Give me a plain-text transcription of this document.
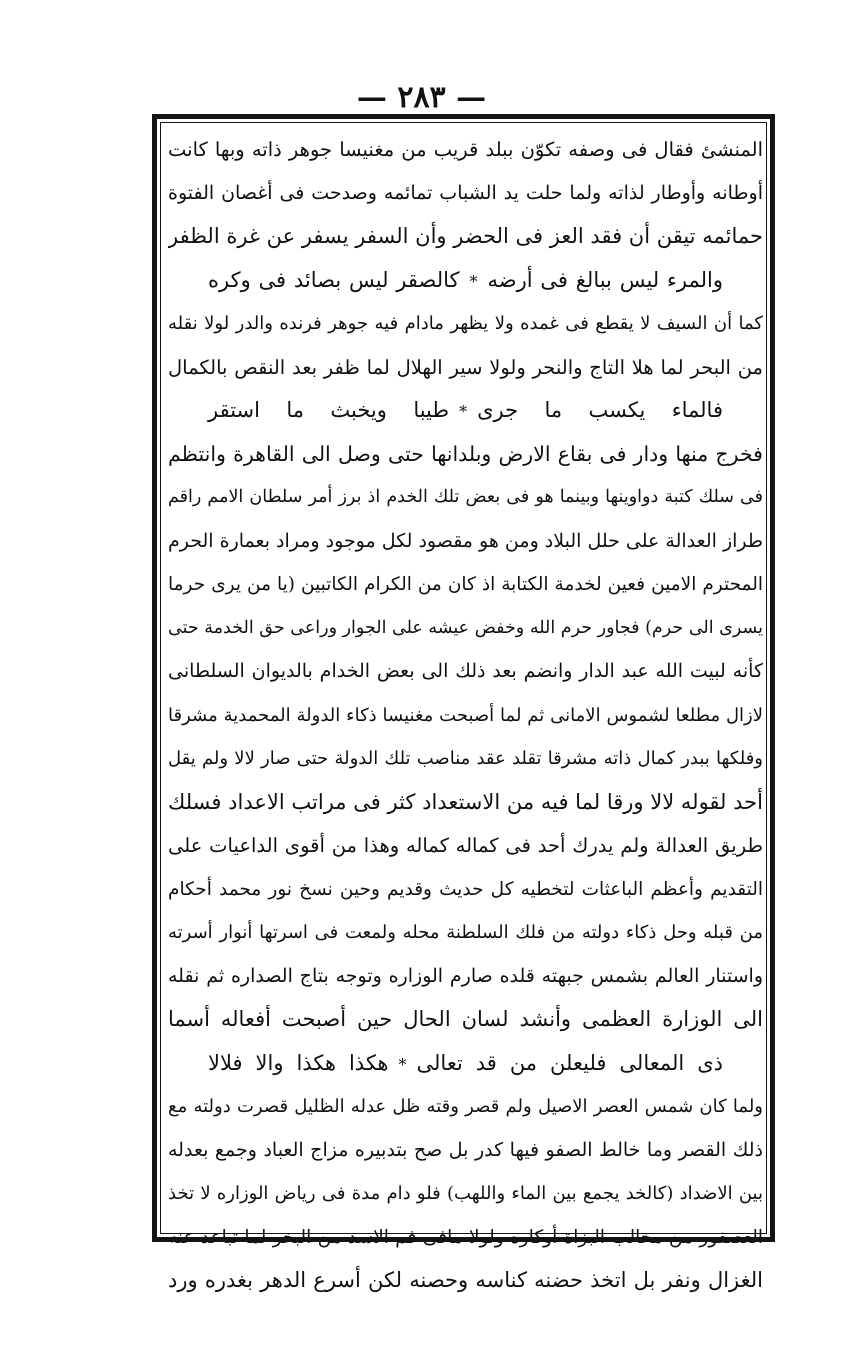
— ٢٨٣ —
المنشئ فقال فى وصفه تكوّن ببلد قريب من مغنيسا جوهر ذاته وبها كانت
أوطانه وأوطار لذاته ولما حلت يد الشباب تمائمه وصدحت فى أغصان الفتوة
حمائمه تيقن أن فقد العز فى الحضر وأن السفر يسفر عن غرة الظفر
والمرء ليس ببالغ فى أرضه*كالصقر ليس بصائد فى وكره
كما أن السيف لا يقطع فى غمده ولا يظهر مادام فيه جوهر فرنده والدر لولا نقله
من البحر لما هلا التاج والنحر ولولا سير الهلال لما ظفر بعد النقص بالكمال
فالماء يكسب ما جرى*طيبا ويخبث ما استقر
فخرج منها ودار فى بقاع الارض وبلدانها حتى وصل الى القاهرة وانتظم
فى سلك كتبة دواوينها وبينما هو فى بعض تلك الخدم اذ برز أمر سلطان الامم راقم
طراز العدالة على حلل البلاد ومن هو مقصود لكل موجود ومراد بعمارة الحرم
المحترم الامين فعين لخدمة الكتابة اذ كان من الكرام الكاتبين (يا من يرى حرما
يسرى الى حرم) فجاور حرم الله وخفض عيشه على الجوار وراعى حق الخدمة حتى
كأنه لبيت الله عبد الدار وانضم بعد ذلك الى بعض الخدام بالديوان السلطانى
لازال مطلعا لشموس الامانى ثم لما أصبحت مغنيسا ذكاء الدولة المحمدية مشرقا
وفلكها ببدر كمال ذاته مشرقا تقلد عقد مناصب تلك الدولة حتى صار لالا ولم يقل
أحد لقوله لالا ورقا لما فيه من الاستعداد كثر فى مراتب الاعداد فسلك
طريق العدالة ولم يدرك أحد فى كماله كماله وهذا من أقوى الداعيات على
التقديم وأعظم الباعثات لتخطيه كل حديث وقديم وحين نسخ نور محمد أحكام
من قبله وحل ذكاء دولته من فلك السلطنة محله ولمعت فى اسرتها أنوار أسرته
واستنار العالم بشمس جبهته قلده صارم الوزاره وتوجه بتاج الصداره ثم نقله
الى الوزارة العظمى وأنشد لسان الحال حين أصبحت أفعاله أسما
ذى المعالى فليعلن من قد تعالى*هكذا هكذا والا فلالا
ولما كان شمس العصر الاصيل ولم قصر وقته ظل عدله الظليل قصرت دولته مع
ذلك القصر وما خالط الصفو فيها كدر بل صح بتدبيره مزاج العباد وجمع بعدله
بين الاضداد (كالخد يجمع بين الماء واللهب) فلو دام مدة فى رياض الوزاره لا تخذ
العصفور من مخالب البزاة أوكاره ولولا مافى فم الاسد من البخر لما تباعد عنه
الغزال ونفر بل اتخذ حضنه كناسه وحصنه لكن أسرع الدهر بغدره ورد
